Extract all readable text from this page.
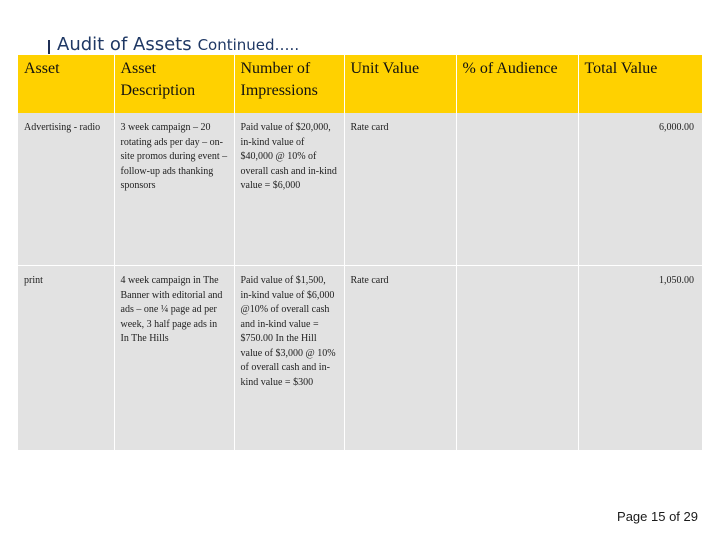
Audit of Assets Continued…..
Asset	Asset Description	Number of Impressions	Unit Value	% of Audience	Total Value
Advertising - radio	3 week campaign – 20 rotating ads per day – on-site promos during event – follow-up ads thanking sponsors	Paid value of $20,000, in-kind value of $40,000 @ 10% of overall cash and in-kind value = $6,000	Rate card		6,000.00
print	4 week campaign in The Banner with editorial and ads – one ¼ page ad per week, 3 half page ads in In The Hills	Paid value of $1,500, in-kind value of $6,000 @10% of overall cash and in-kind value = $750.00 In the Hill value of $3,000 @ 10% of overall cash and in-kind value = $300	Rate card		1,050.00
Page 15 of 29
